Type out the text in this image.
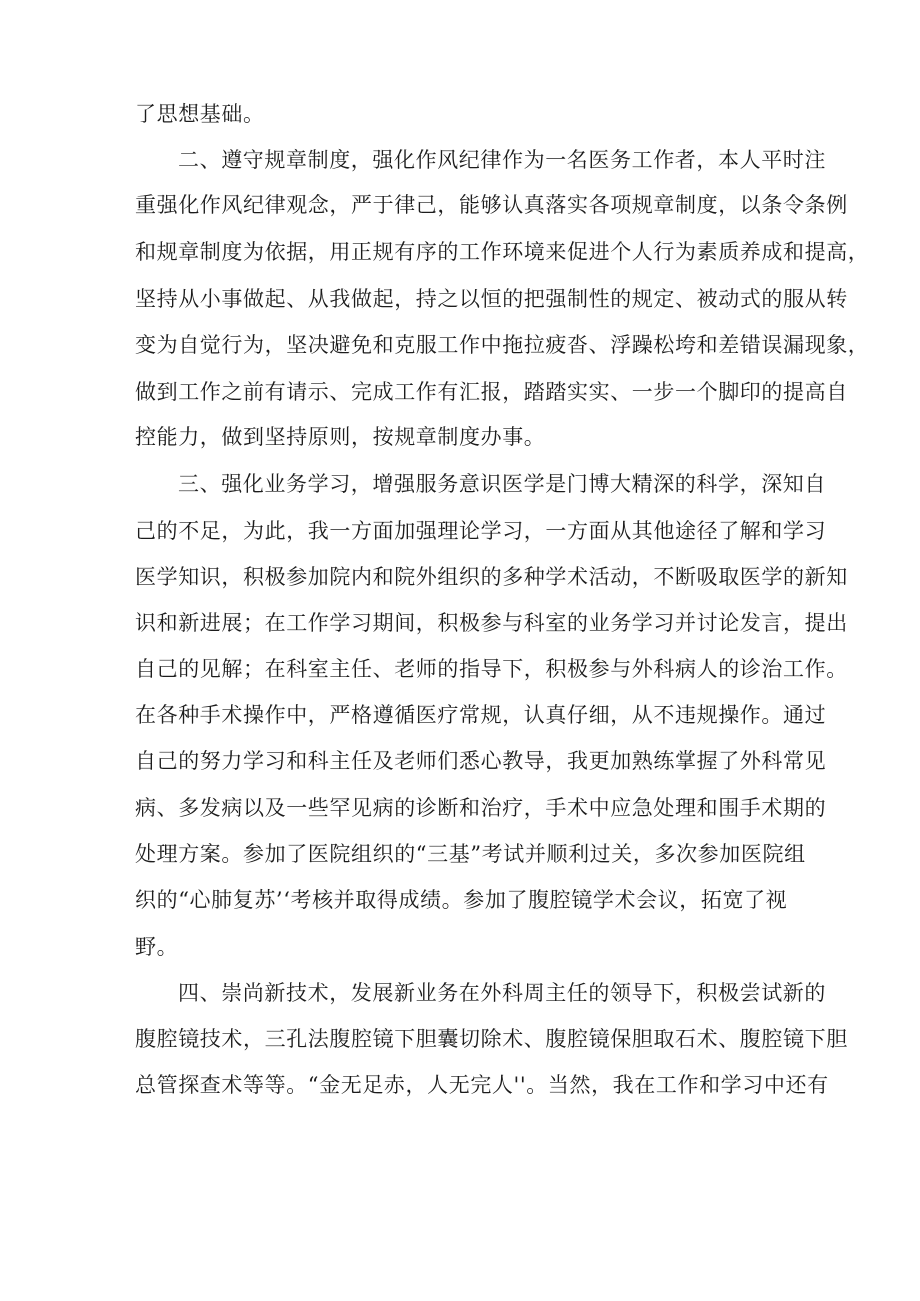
了思想基础。
二、遵守规章制度，强化作风纪律作为一名医务工作者，本人平时注
重强化作风纪律观念，严于律己，能够认真落实各项规章制度，以条令条例
和规章制度为依据，用正规有序的工作环境来促进个人行为素质养成和提高，
坚持从小事做起、从我做起，持之以恒的把强制性的规定、被动式的服从转
变为自觉行为，坚决避免和克服工作中拖拉疲沓、浮躁松垮和差错误漏现象，
做到工作之前有请示、完成工作有汇报，踏踏实实、一步一个脚印的提高自
控能力，做到坚持原则，按规章制度办事。
三、强化业务学习，增强服务意识医学是门博大精深的科学，深知自
己的不足，为此，我一方面加强理论学习，一方面从其他途径了解和学习
医学知识，积极参加院内和院外组织的多种学术活动，不断吸取医学的新知
识和新进展；在工作学习期间，积极参与科室的业务学习并讨论发言，提出
自己的见解；在科室主任、老师的指导下，积极参与外科病人的诊治工作。
在各种手术操作中，严格遵循医疗常规，认真仔细，从不违规操作。通过
自己的努力学习和科主任及老师们悉心教导，我更加熟练掌握了外科常见
病、多发病以及一些罕见病的诊断和治疗，手术中应急处理和围手术期的
处理方案。参加了医院组织的“三基”考试并顺利过关，多次参加医院组
织的“心肺复苏’‘考核并取得成绩。参加了腹腔镜学术会议，拓宽了视
野。
四、崇尚新技术，发展新业务在外科周主任的领导下，积极尝试新的
腹腔镜技术，三孔法腹腔镜下胆囊切除术、腹腔镜保胆取石术、腹腔镜下胆
总管探查术等等。“金无足赤，人无完人''。当然，我在工作和学习中还有
